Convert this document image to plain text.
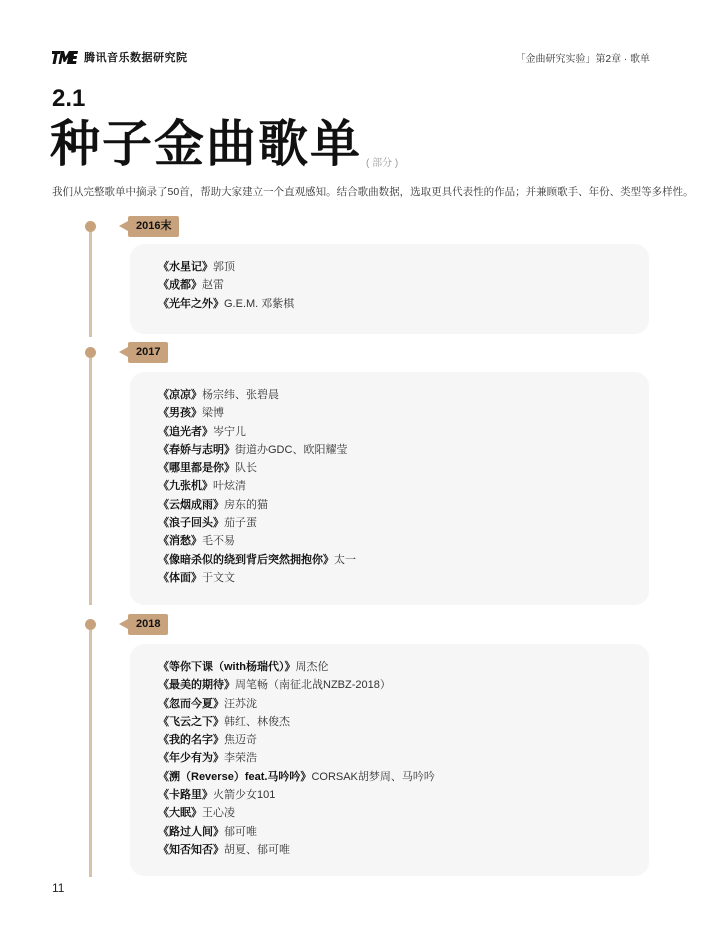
腾讯音乐数据研究院	「金曲研究实验」第2章 · 歌单
2.1
种子金曲歌单 ( 部分 )
我们从完整歌单中摘录了50首，帮助大家建立一个直观感知。结合歌曲数据，选取更具代表性的作品；并兼顾歌手、年份、类型等多样性。
2016末
《水星记》郭顶
《成都》赵雷
《光年之外》G.E.M. 邓紫棋
2017
《凉凉》杨宗纬、张碧晨
《男孩》梁博
《追光者》岑宁儿
《春娇与志明》街道办GDC、欧阳耀莹
《哪里都是你》队长
《九张机》叶炫清
《云烟成雨》房东的猫
《浪子回头》茄子蛋
《消愁》毛不易
《像暗杀似的绕到背后突然拥抱你》太一
《体面》于文文
2018
《等你下课（with杨瑞代）》周杰伦
《最美的期待》周笔畅（南征北战NZBZ-2018）
《忽而今夏》汪苏泷
《飞云之下》韩红、林俊杰
《我的名字》焦迈奇
《年少有为》李荣浩
《溯（Reverse）feat.马吟吟》CORSAK胡梦周、马吟吟
《卡路里》火箭少女101
《大眠》王心凌
《路过人间》郁可唯
《知否知否》胡夏、郁可唯
11
